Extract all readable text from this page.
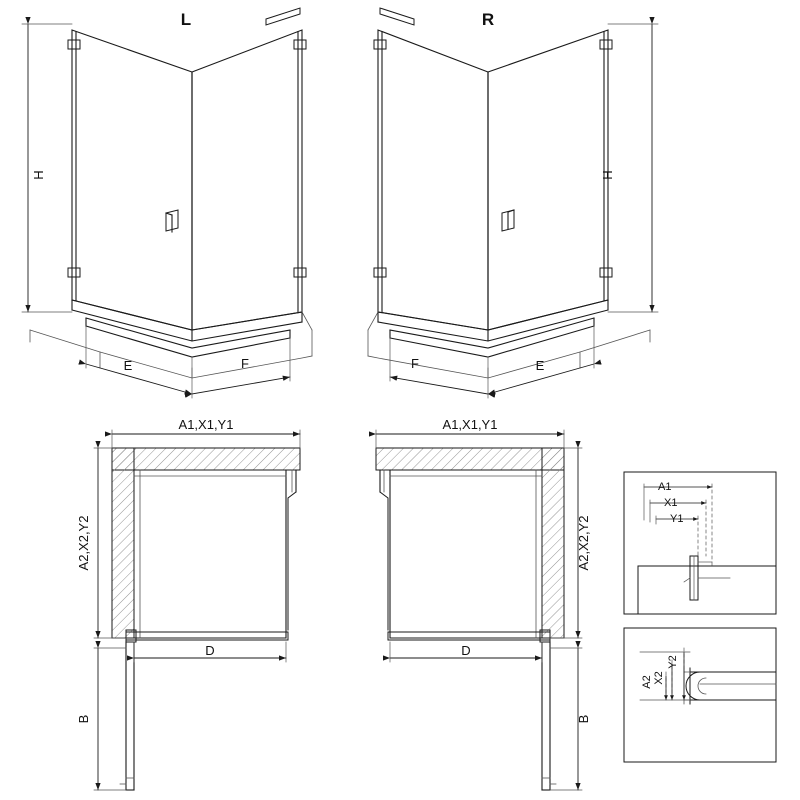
L	R
H	H
E	F	F	E
A1,X1,Y1
A2,X2,Y2
D
B
A1,X1,Y1
A2,X2,Y2
D
B
A1
X1
Y1
A2 X2
Y2
